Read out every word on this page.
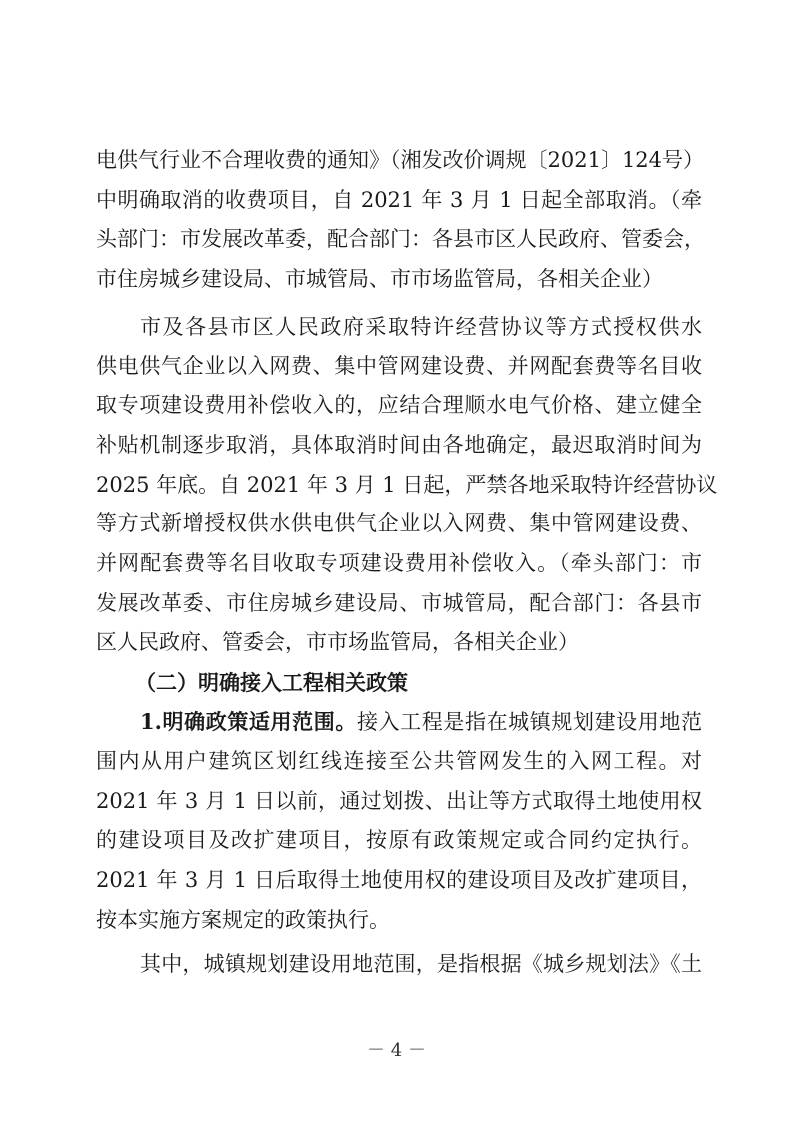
电供气行业不合理收费的通知》（湘发改价调规〔2021〕124号）
中明确取消的收费项目，自 2021 年 3 月 1 日起全部取消。（牵
头部门：市发展改革委，配合部门：各县市区人民政府、管委会，
市住房城乡建设局、市城管局、市市场监管局，各相关企业）
市及各县市区人民政府采取特许经营协议等方式授权供水
供电供气企业以入网费、集中管网建设费、并网配套费等名目收
取专项建设费用补偿收入的，应结合理顺水电气价格、建立健全
补贴机制逐步取消，具体取消时间由各地确定，最迟取消时间为
2025 年底。自 2021 年 3 月 1 日起，严禁各地采取特许经营协议
等方式新增授权供水供电供气企业以入网费、集中管网建设费、
并网配套费等名目收取专项建设费用补偿收入。（牵头部门：市
发展改革委、市住房城乡建设局、市城管局，配合部门：各县市
区人民政府、管委会，市市场监管局，各相关企业）
（二）明确接入工程相关政策
1.明确政策适用范围。接入工程是指在城镇规划建设用地范
围内从用户建筑区划红线连接至公共管网发生的入网工程。对
2021 年 3 月 1 日以前，通过划拨、出让等方式取得土地使用权
的建设项目及改扩建项目，按原有政策规定或合同约定执行。
2021 年 3 月 1 日后取得土地使用权的建设项目及改扩建项目，
按本实施方案规定的政策执行。
其中，城镇规划建设用地范围，是指根据《城乡规划法》《土
－ 4 －
